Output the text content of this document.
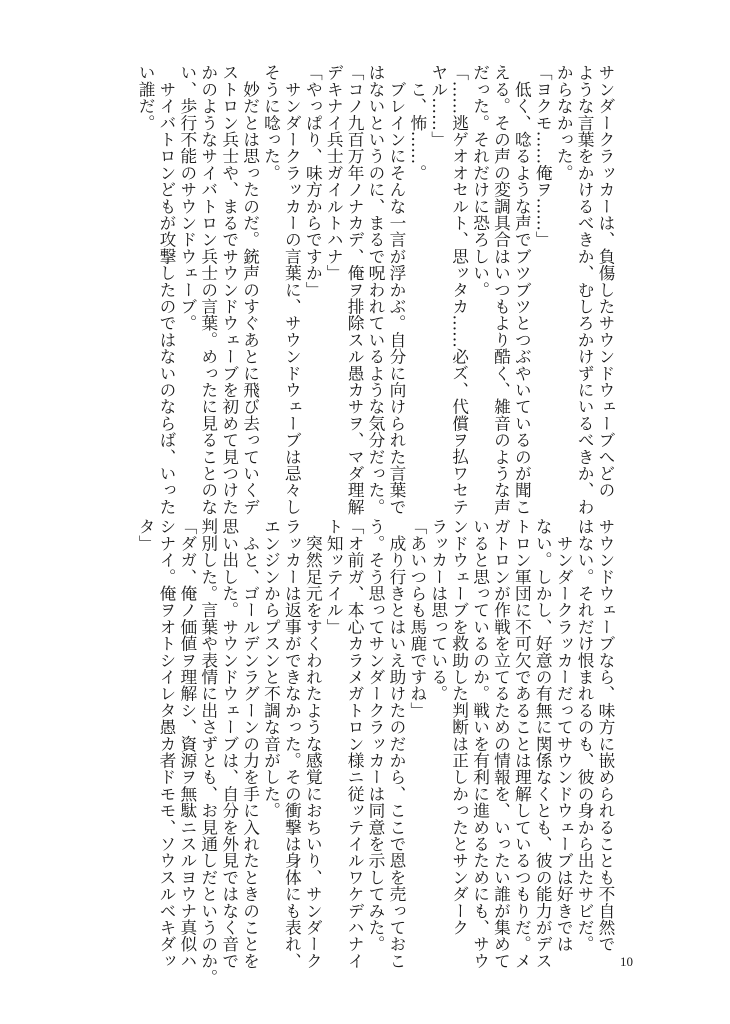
サンダークラッカーは、負傷したサウンドウェーブへどの
ような言葉をかけるべきか、むしろかけずにいるべきか、わ
からなかった。
「ヨクモ……俺ヲ……」
　低く、唸るような声でブツブツとつぶやいているのが聞こ
える。その声の変調具合はいつもより酷く、雑音のような声
だった。それだけに恐ろしい。
「……逃ゲオオセルト、思ッタカ……必ズ、代償ヲ払ワセテ
ヤル……」
　こ、怖……。
　ブレインにそんな一言が浮かぶ。自分に向けられた言葉で
はないというのに、まるで呪われているような気分だった。
「コノ九百万年ノナカデ、俺ヲ排除スル愚カサヲ、マダ理解
デキナイ兵士ガイルトハナ」
「やっぱり、味方からですか」
　サンダークラッカーの言葉に、サウンドウェーブは忌々し
そうに唸った。
　妙だとは思ったのだ。銃声のすぐあとに飛び去っていくデ
ストロン兵士や、まるでサウンドウェーブを初めて見つけた
かのようなサイバトロン兵士の言葉。めったに見ることのな
い、歩行不能のサウンドウェーブ。
　サイバトロンどもが攻撃したのではないのならば、いった
い誰だ。
サウンドウェーブなら、味方に嵌められることも不自然で
はない。それだけ恨まれるのも、彼の身から出たサビだ。
　サンダークラッカーだってサウンドウェーブは好きでは
ない。しかし、好意の有無に関係なくとも、彼の能力がデス
トロン軍団に不可欠であることは理解しているつもりだ。メ
ガトロンが作戦を立てるための情報を、いったい誰が集めて
いると思っているのか。戦いを有利に進めるためにも、サウ
ンドウェーブを救助した判断は正しかったとサンダーク
ラッカーは思っている。
「あいつらも馬鹿ですね」
　成り行きとはいえ助けたのだから、ここで恩を売っておこ
う。そう思ってサンダークラッカーは同意を示してみた。
「オ前ガ、本心カラメガトロン様ニ従ッテイルワケデハナイ
ト知ッテイル」
　突然足元をすくわれたような感覚におちいり、サンダーク
ラッカーは返事ができなかった。その衝撃は身体にも表れ、
エンジンからプスンと不調な音がした。
　ふと、ゴールデンラグーンの力を手に入れたときのことを
思い出した。サウンドウェーブは、自分を外見ではなく音で
判別した。言葉や表情に出さずとも、お見通しだというのか。
「ダガ、俺ノ価値ヲ理解シ、資源ヲ無駄ニスルヨウナ真似ハ
シナイ。俺ヲオトシイレタ愚カ者ドモモ、ソウスルベキダッ
タ」
10
